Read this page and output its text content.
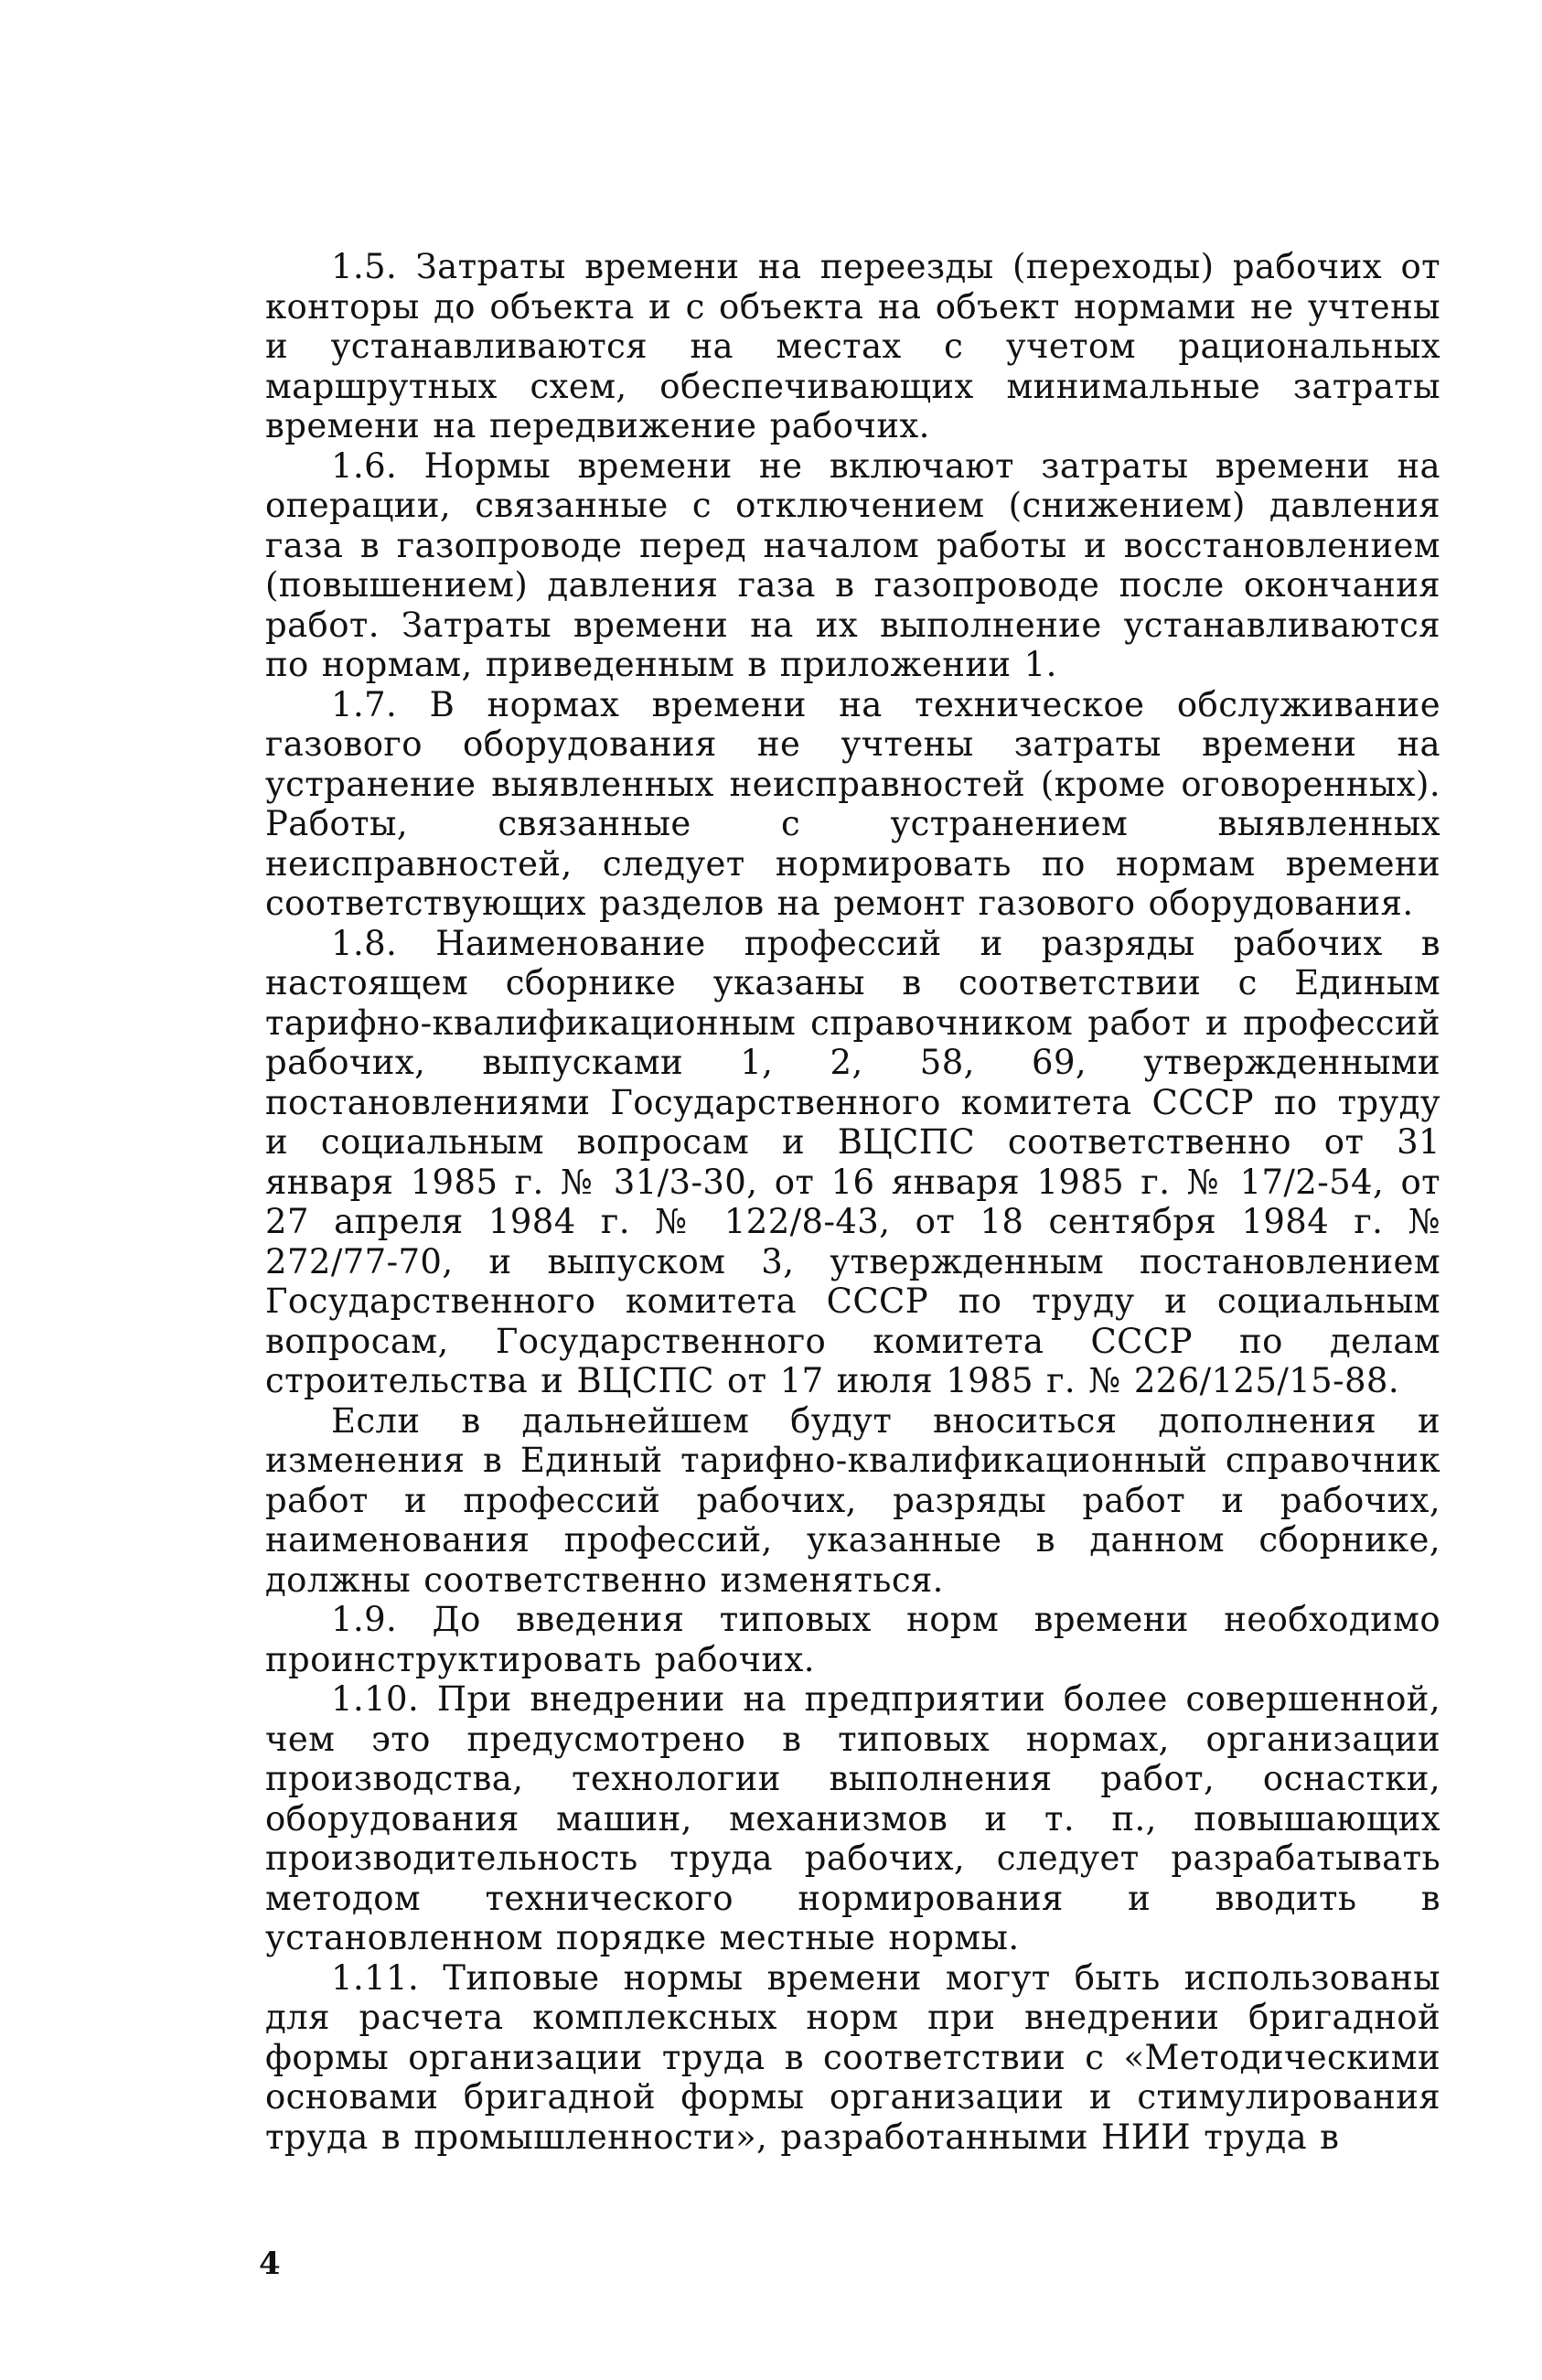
1.5. Затраты времени на переезды (переходы) рабочих от конторы до объекта и с объекта на объект нормами не учтены и устанавливаются на местах с учетом рациональных маршрутных схем, обеспечивающих минимальные затраты времени на передвижение рабочих.

1.6. Нормы времени не включают затраты времени на операции, связанные с отключением (снижением) давления газа в газопроводе перед началом работы и восстановлением (повышением) давления газа в газопроводе после окончания работ. Затраты времени на их выполнение устанавливаются по нормам, приведенным в приложении 1.

1.7. В нормах времени на техническое обслуживание газового оборудования не учтены затраты времени на устранение выявленных неисправностей (кроме оговоренных). Работы, связанные с устранением выявленных неисправностей, следует нормировать по нормам времени соответствующих разделов на ремонт газового оборудования.

1.8. Наименование профессий и разряды рабочих в настоящем сборнике указаны в соответствии с Единым тарифно-квалификационным справочником работ и профессий рабочих, выпусками 1, 2, 58, 69, утвержденными постановлениями Государственного комитета СССР по труду и социальным вопросам и ВЦСПС соответственно от 31 января 1985 г. № 31/3-30, от 16 января 1985 г. № 17/2-54, от 27 апреля 1984 г. № 122/8-43, от 18 сентября 1984 г. № 272/77-70, и выпуском 3, утвержденным постановлением Государственного комитета СССР по труду и социальным вопросам, Государственного комитета СССР по делам строительства и ВЦСПС от 17 июля 1985 г. № 226/125/15-88.

Если в дальнейшем будут вноситься дополнения и изменения в Единый тарифно-квалификационный справочник работ и профессий рабочих, разряды работ и рабочих, наименования профессий, указанные в данном сборнике, должны соответственно изменяться.

1.9. До введения типовых норм времени необходимо проинструктировать рабочих.

1.10. При внедрении на предприятии более совершенной, чем это предусмотрено в типовых нормах, организации производства, технологии выполнения работ, оснастки, оборудования машин, механизмов и т. п., повышающих производительность труда рабочих, следует разрабатывать методом технического нормирования и вводить в установленном порядке местные нормы.

1.11. Типовые нормы времени могут быть использованы для расчета комплексных норм при внедрении бригадной формы организации труда в соответствии с «Методическими основами бригадной формы организации и стимулирования труда в промышленности», разработанными НИИ труда в

4
